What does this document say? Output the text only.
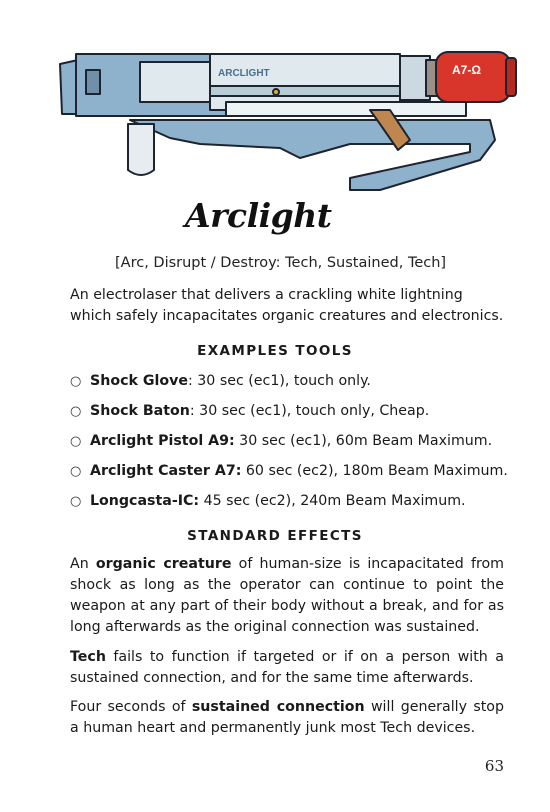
ARCLIGHT	A7-Ω
Arclight
[Arc, Disrupt / Destroy: Tech, Sustained, Tech]

An electrolaser that delivers a crackling white lightning which safely incapacitates organic creatures and electronics.

EXAMPLES TOOLS
○ Shock Glove: 30 sec (ec1), touch only.
○ Shock Baton: 30 sec (ec1), touch only, Cheap.
○ Arclight Pistol A9: 30 sec (ec1), 60m Beam Maximum.
○ Arclight Caster A7: 60 sec (ec2), 180m Beam Maximum.
○ Longcasta-IC: 45 sec (ec2), 240m Beam Maximum.
STANDARD EFFECTS

An organic creature of human-size is incapacitated from shock as long as the operator can continue to point the weapon at any part of their body without a break, and for as long afterwards as the original connection was sustained.

Tech fails to function if targeted or if on a person with a sustained connection, and for the same time afterwards.

Four seconds of sustained connection will generally stop a human heart and permanently junk most Tech devices.

63
